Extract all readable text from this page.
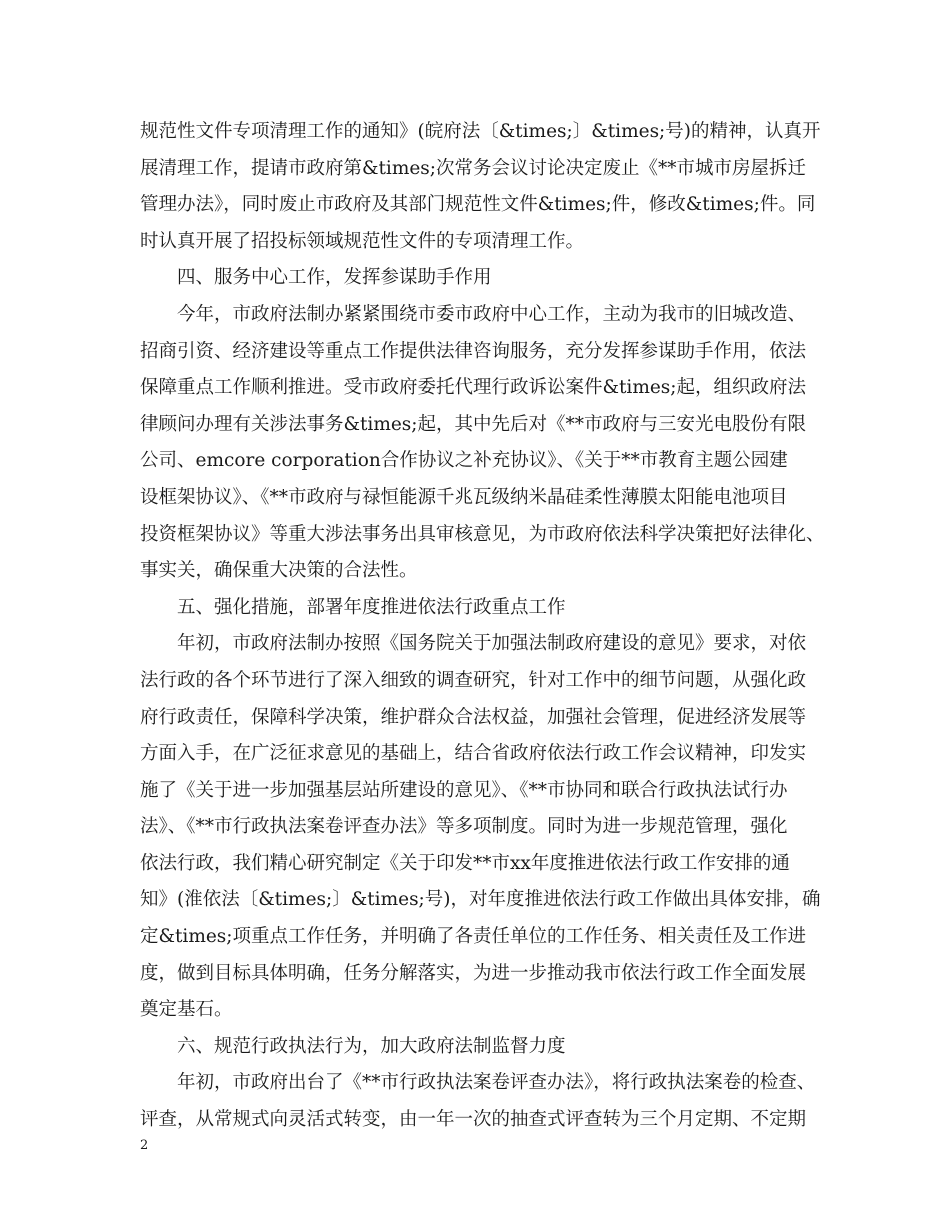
规范性文件专项清理工作的通知》(皖府法〔&times;〕&times;号)的精神，认真开
展清理工作，提请市政府第&times;次常务会议讨论决定废止《**市城市房屋拆迁
管理办法》，同时废止市政府及其部门规范性文件&times;件，修改&times;件。同
时认真开展了招投标领域规范性文件的专项清理工作。
四、服务中心工作，发挥参谋助手作用
今年，市政府法制办紧紧围绕市委市政府中心工作，主动为我市的旧城改造、
招商引资、经济建设等重点工作提供法律咨询服务，充分发挥参谋助手作用，依法
保障重点工作顺利推进。受市政府委托代理行政诉讼案件&times;起，组织政府法
律顾问办理有关涉法事务&times;起，其中先后对《**市政府与三安光电股份有限
公司、emcore corporation合作协议之补充协议》、《关于**市教育主题公园建
设框架协议》、《**市政府与禄恒能源千兆瓦级纳米晶硅柔性薄膜太阳能电池项目
投资框架协议》等重大涉法事务出具审核意见，为市政府依法科学决策把好法律化、
事实关，确保重大决策的合法性。
五、强化措施，部署年度推进依法行政重点工作
年初，市政府法制办按照《国务院关于加强法制政府建设的意见》要求，对依
法行政的各个环节进行了深入细致的调查研究，针对工作中的细节问题，从强化政
府行政责任，保障科学决策，维护群众合法权益，加强社会管理，促进经济发展等
方面入手，在广泛征求意见的基础上，结合省政府依法行政工作会议精神，印发实
施了《关于进一步加强基层站所建设的意见》、《**市协同和联合行政执法试行办
法》、《**市行政执法案卷评查办法》等多项制度。同时为进一步规范管理，强化
依法行政，我们精心研究制定《关于印发**市xx年度推进依法行政工作安排的通
知》(淮依法〔&times;〕&times;号)，对年度推进依法行政工作做出具体安排，确
定&times;项重点工作任务，并明确了各责任单位的工作任务、相关责任及工作进
度，做到目标具体明确，任务分解落实，为进一步推动我市依法行政工作全面发展
奠定基石。
六、规范行政执法行为，加大政府法制监督力度
年初，市政府出台了《**市行政执法案卷评查办法》，将行政执法案卷的检查、
评查，从常规式向灵活式转变，由一年一次的抽查式评查转为三个月定期、不定期
2
